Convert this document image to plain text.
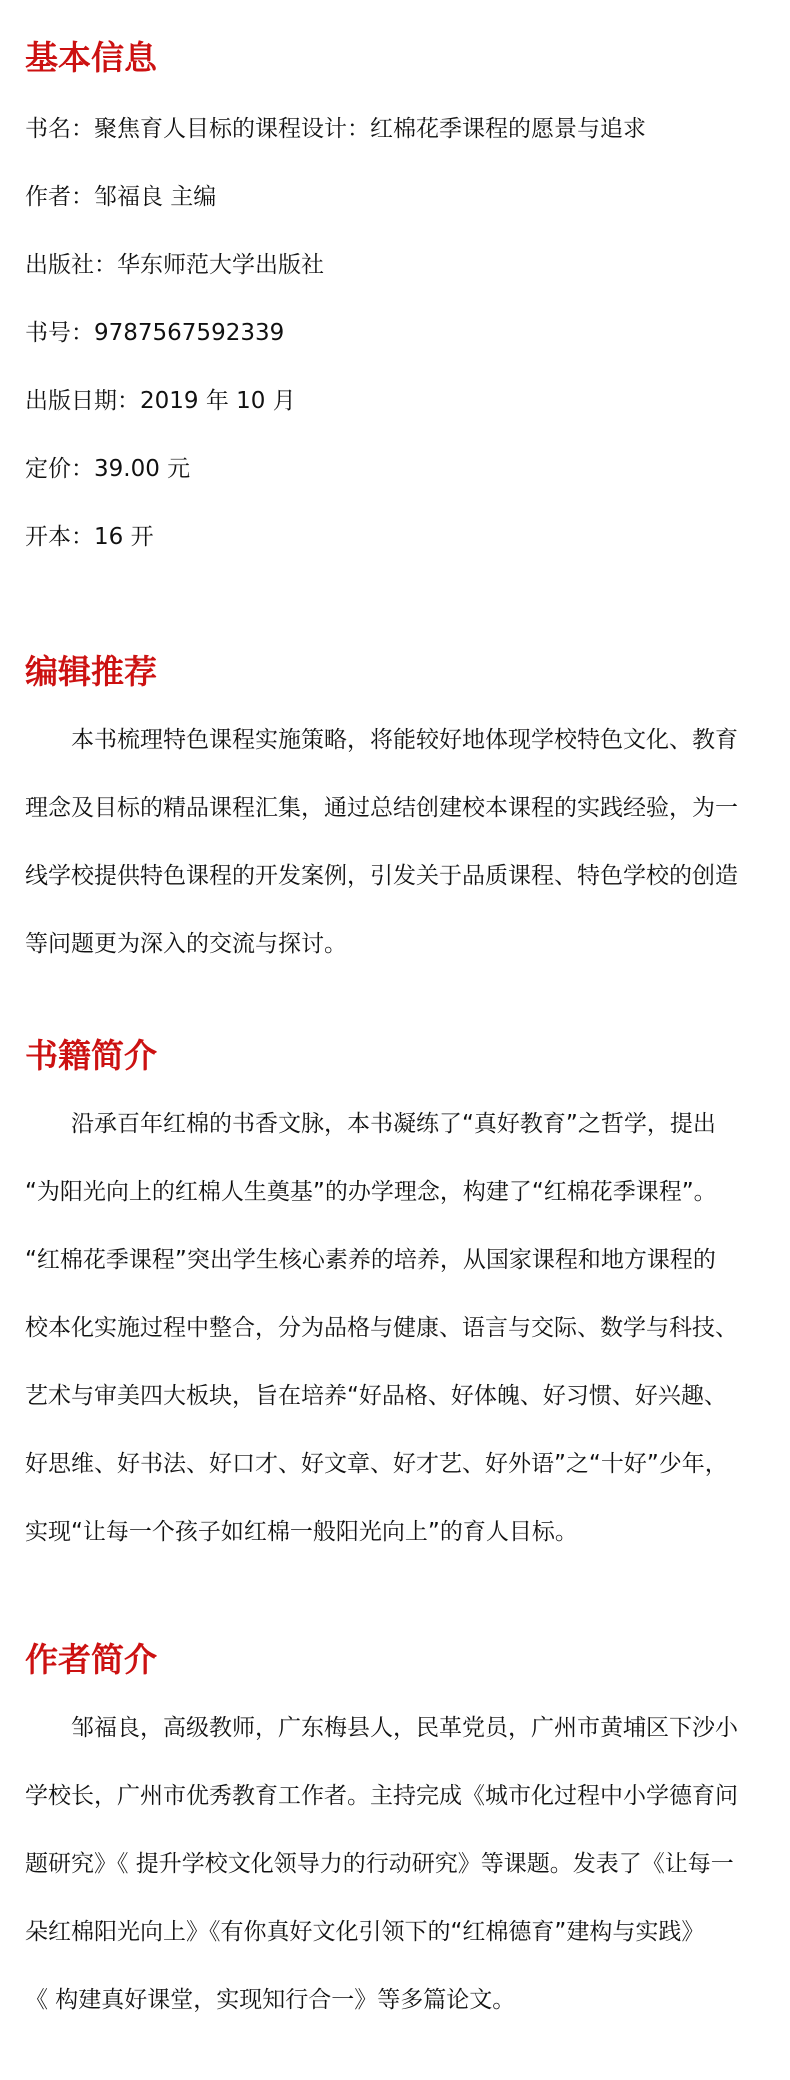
基本信息
书名：聚焦育人目标的课程设计：红棉花季课程的愿景与追求
作者：邹福良 主编
出版社：华东师范大学出版社
书号：9787567592339
出版日期：2019 年 10 月
定价：39.00 元
开本：16 开
编辑推荐
本书梳理特色课程实施策略，将能较好地体现学校特色文化、教育
理念及目标的精品课程汇集，通过总结创建校本课程的实践经验，为一
线学校提供特色课程的开发案例，引发关于品质课程、特色学校的创造
等问题更为深入的交流与探讨。
书籍简介
沿承百年红棉的书香文脉，本书凝练了“真好教育”之哲学，提出
“为阳光向上的红棉人生奠基”的办学理念，构建了“红棉花季课程”。
“红棉花季课程”突出学生核心素养的培养，从国家课程和地方课程的
校本化实施过程中整合，分为品格与健康、语言与交际、数学与科技、
艺术与审美四大板块，旨在培养“好品格、好体魄、好习惯、好兴趣、
好思维、好书法、好口才、好文章、好才艺、好外语”之“十好”少年，
实现“让每一个孩子如红棉一般阳光向上”的育人目标。
作者简介
邹福良，高级教师，广东梅县人，民革党员，广州市黄埔区下沙小
学校长，广州市优秀教育工作者。主持完成《城市化过程中小学德育问
题研究》《 提升学校文化领导力的行动研究》等课题。发表了《让每一
朵红棉阳光向上》《有你真好文化引领下的“红棉德育”建构与实践》
《 构建真好课堂，实现知行合一》等多篇论文。
